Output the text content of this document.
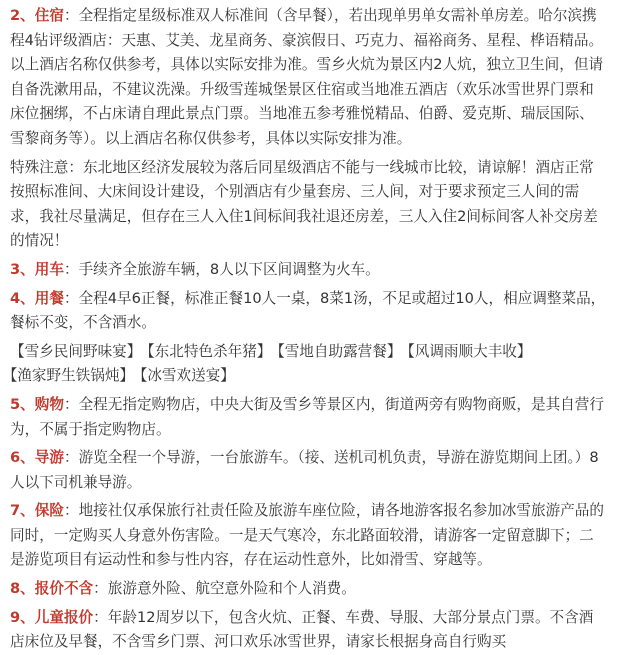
2、住宿：全程指定星级标准双人标准间（含早餐），若出现单男单女需补单房差。哈尔滨携程4钻评级酒店：天惠、艾美、龙星商务、豪滨假日、巧克力、福裕商务、星程、桦语精品。以上酒店名称仅供参考，具体以实际安排为准。雪乡火炕为景区内2人炕，独立卫生间，但请自备洗漱用品，不建议洗澡。升级雪莲城堡景区住宿或当地准五酒店（欢乐冰雪世界门票和床位捆绑，不占床请自理此景点门票。当地准五参考雅悦精品、伯爵、爱克斯、瑞辰国际、雪黎商务等）。以上酒店名称仅供参考，具体以实际安排为准。
特殊注意：东北地区经济发展较为落后同星级酒店不能与一线城市比较，请谅解！酒店正常按照标准间、大床间设计建设，个别酒店有少量套房、三人间，对于要求预定三人间的需求，我社尽量满足，但存在三人入住1间标间我社退还房差，三人入住2间标间客人补交房差的情况！
3、用车：手续齐全旅游车辆，8人以下区间调整为火车。
4、用餐：全程4早6正餐，标准正餐10人一桌，8菜1汤，不足或超过10人，相应调整菜品，餐标不变，不含酒水。
【雪乡民间野味宴】 【东北特色杀年猪】 【雪地自助露营餐】 【风调雨顺大丰收】【渔家野生铁锅炖】 【冰雪欢送宴】
5、购物：全程无指定购物店，中央大街及雪乡等景区内，街道两旁有购物商贩，是其自营行为，不属于指定购物店。
6、导游：游览全程一个导游，一台旅游车。（接、送机司机负责，导游在游览期间上团。）8人以下司机兼导游。
7、保险：地接社仅承保旅行社责任险及旅游车座位险，请各地游客报名参加冰雪旅游产品的同时，一定购买人身意外伤害险。一是天气寒冷，东北路面较滑，请游客一定留意脚下；二是游览项目有运动性和参与性内容，存在运动性意外，比如滑雪、穿越等。
8、报价不含：旅游意外险、航空意外险和个人消费。
9、儿童报价：年龄12周岁以下，包含火炕、正餐、车费、导服、大部分景点门票。不含酒店床位及早餐，不含雪乡门票、河口欢乐冰雪世界，请家长根据身高自行购买
